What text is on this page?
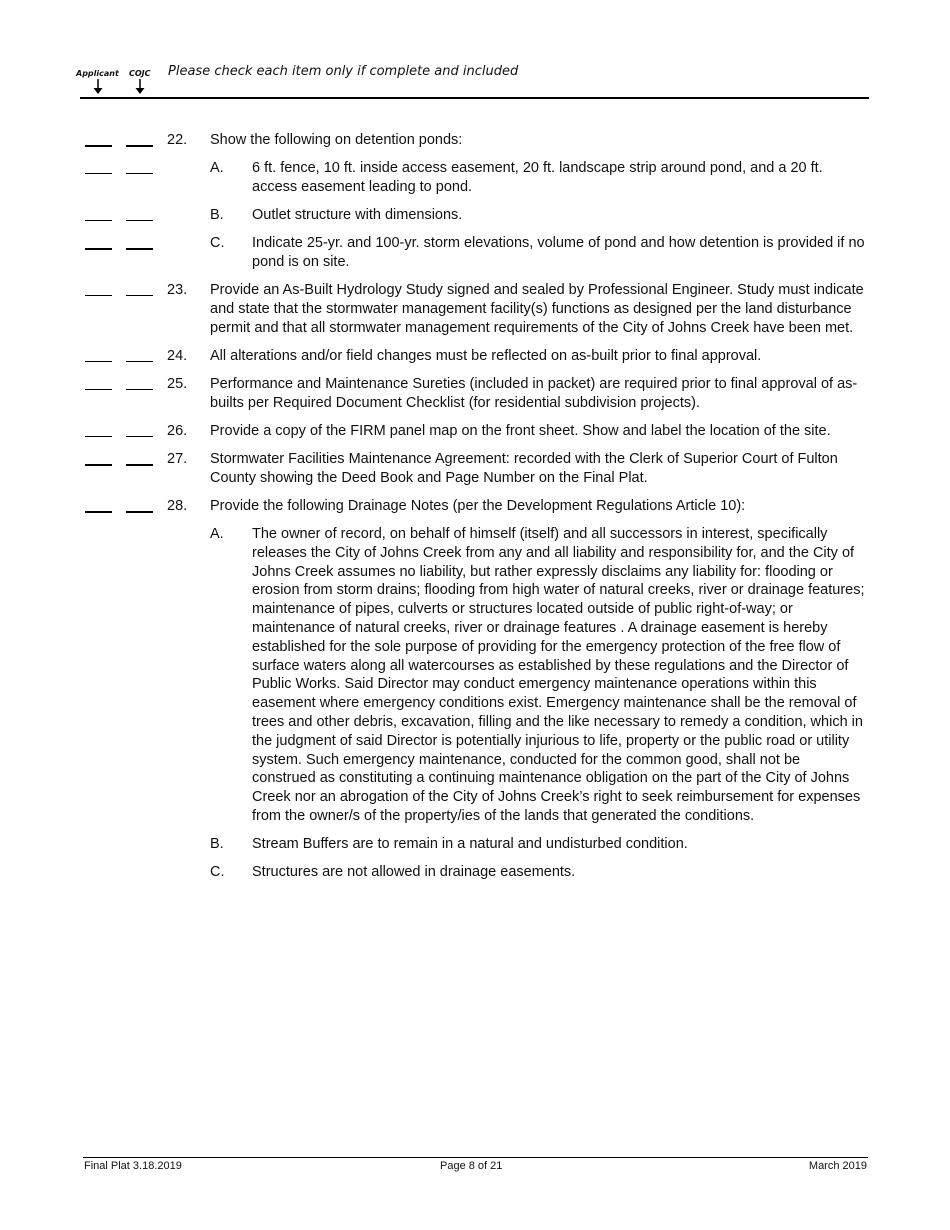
Applicant COJC Please check each item only if complete and included
22. Show the following on detention ponds:
A. 6 ft. fence, 10 ft. inside access easement, 20 ft. landscape strip around pond, and a 20 ft. access easement leading to pond.
B. Outlet structure with dimensions.
C. Indicate 25-yr. and 100-yr. storm elevations, volume of pond and how detention is provided if no pond is on site.
23. Provide an As-Built Hydrology Study signed and sealed by Professional Engineer. Study must indicate and state that the stormwater management facility(s) functions as designed per the land disturbance permit and that all stormwater management requirements of the City of Johns Creek have been met.
24. All alterations and/or field changes must be reflected on as-built prior to final approval.
25. Performance and Maintenance Sureties (included in packet) are required prior to final approval of as-builts per Required Document Checklist (for residential subdivision projects).
26. Provide a copy of the FIRM panel map on the front sheet. Show and label the location of the site.
27. Stormwater Facilities Maintenance Agreement: recorded with the Clerk of Superior Court of Fulton County showing the Deed Book and Page Number on the Final Plat.
28. Provide the following Drainage Notes (per the Development Regulations Article 10):
A. The owner of record, on behalf of himself (itself) and all successors in interest, specifically releases the City of Johns Creek from any and all liability and responsibility for, and the City of Johns Creek assumes no liability, but rather expressly disclaims any liability for: flooding or erosion from storm drains; flooding from high water of natural creeks, river or drainage features; maintenance of pipes, culverts or structures located outside of public right-of-way; or maintenance of natural creeks, river or drainage features . A drainage easement is hereby established for the sole purpose of providing for the emergency protection of the free flow of surface waters along all watercourses as established by these regulations and the Director of Public Works. Said Director may conduct emergency maintenance operations within this easement where emergency conditions exist. Emergency maintenance shall be the removal of trees and other debris, excavation, filling and the like necessary to remedy a condition, which in the judgment of said Director is potentially injurious to life, property or the public road or utility system. Such emergency maintenance, conducted for the common good, shall not be construed as constituting a continuing maintenance obligation on the part of the City of Johns Creek nor an abrogation of the City of Johns Creek’s right to seek reimbursement for expenses from the owner/s of the property/ies of the lands that generated the conditions.
B. Stream Buffers are to remain in a natural and undisturbed condition.
C. Structures are not allowed in drainage easements.
Final Plat 3.18.2019	Page 8 of 21	March 2019
